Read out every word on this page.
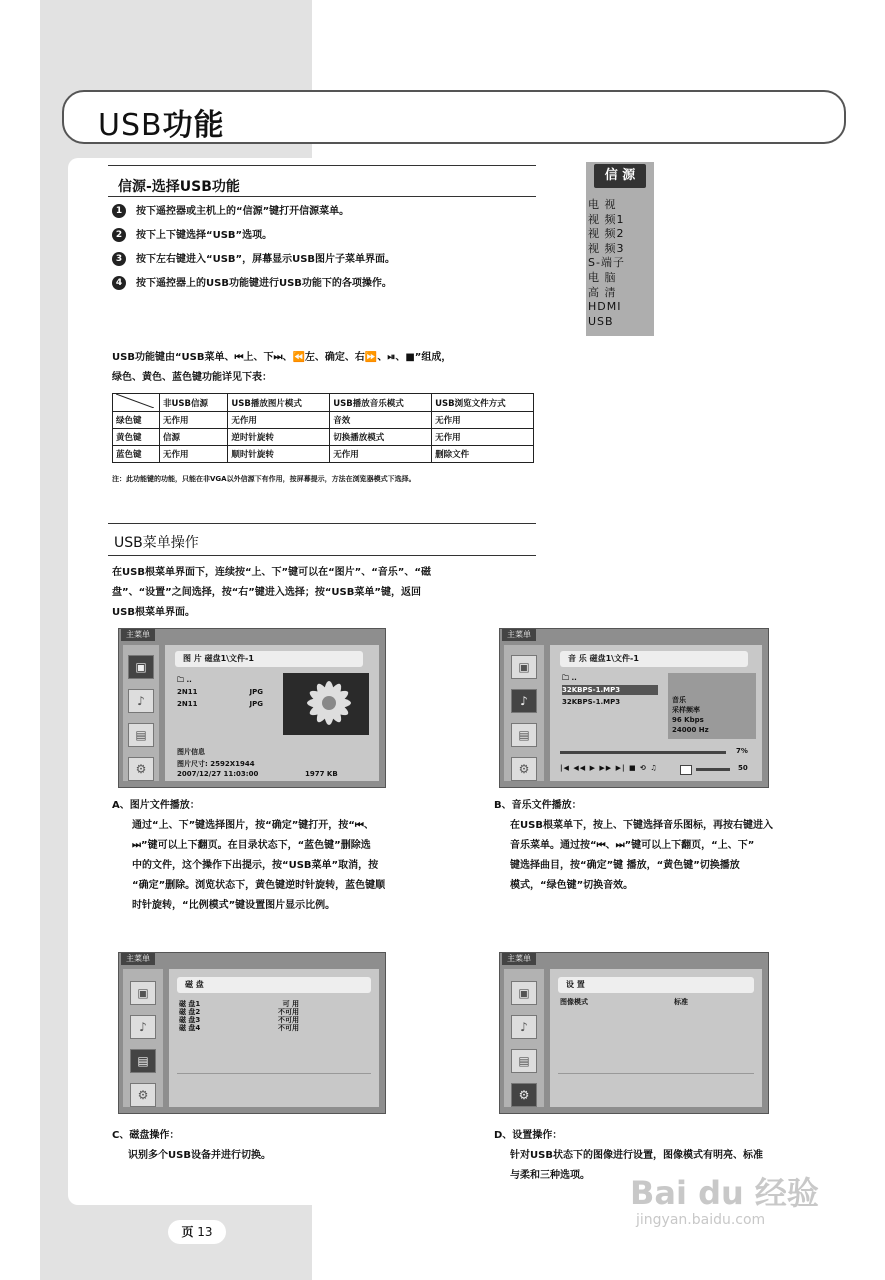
USB功能
信源-选择USB功能
1 按下遥控器或主机上的“信源”键打开信源菜单。
2 按下上下键选择“USB”选项。
3 按下左右键进入“USB”，屏幕显示USB图片子菜单界面。
4 按下遥控器上的USB功能键进行USB功能下的各项操作。
信 源
电 视
视 频1
视 频2
视 频3
S-端子
电 脑
高 清
HDMI
USB
USB功能键由“USB菜单、⏮上、下⏭、⏪左、确定、右⏩、⏯、■”组成，
绿色、黄色、蓝色键功能详见下表：
	非USB信源	USB播放图片模式	USB播放音乐模式	USB浏览文件方式
绿色键	无作用	无作用	音效	无作用
黄色键	信源	逆时针旋转	切换播放模式	无作用
蓝色键	无作用	顺时针旋转	无作用	删除文件
注：此功能键的功能，只能在非VGA以外信源下有作用，按屏幕提示，方法在浏览器模式下选择。
USB菜单操作
在USB根菜单界面下，连续按“上、下”键可以在“图片”、“音乐”、“磁
盘”、“设置”之间选择，按“右”键进入选择；按“USB菜单”键，返回
USB根菜单界面。
主菜单
▣
♪
▤
⚙
图 片 磁盘1\文件-1
🗀 ..
2N11	JPG
2N11	JPG
图片信息
图片尺寸: 2592X1944
2007/12/27 11:03:00	1977 KB
主菜单
▣
♪
▤
⚙
音 乐 磁盘1\文件-1
🗀 ..
32KBPS-1.MP3
32KBPS-1.MP3	音乐
采样频率
96 Kbps
24000 Hz
7%
|◀ ◀◀ ▶ ▶▶ ▶| ■ ⟲ ♫	50
A、图片文件播放：
通过“上、下”键选择图片，按“确定”键打开，按“⏮、
⏭”键可以上下翻页。在目录状态下，“蓝色键”删除选
中的文件，这个操作下出提示，按“USB菜单”取消，按
“确定”删除。浏览状态下，黄色键逆时针旋转，蓝色键顺
时针旋转，“比例模式”键设置图片显示比例。
B、音乐文件播放：
在USB根菜单下，按上、下键选择音乐图标，再按右键进入
音乐菜单。通过按“⏮、⏭”键可以上下翻页，“上、下”
键选择曲目，按“确定”键 播放，“黄色键”切换播放
模式，“绿色键”切换音效。
主菜单
▣
♪
▤
⚙
磁 盘
磁 盘1	可 用
磁 盘2	不可用
磁 盘3	不可用
磁 盘4	不可用
主菜单
▣
♪
▤
⚙
设 置
图像模式	标准
C、磁盘操作：
识别多个USB设备并进行切换。
D、设置操作：
针对USB状态下的图像进行设置，图像模式有明亮、标准
与柔和三种选项。
页 13
Bai du 经验
jingyan.baidu.com
